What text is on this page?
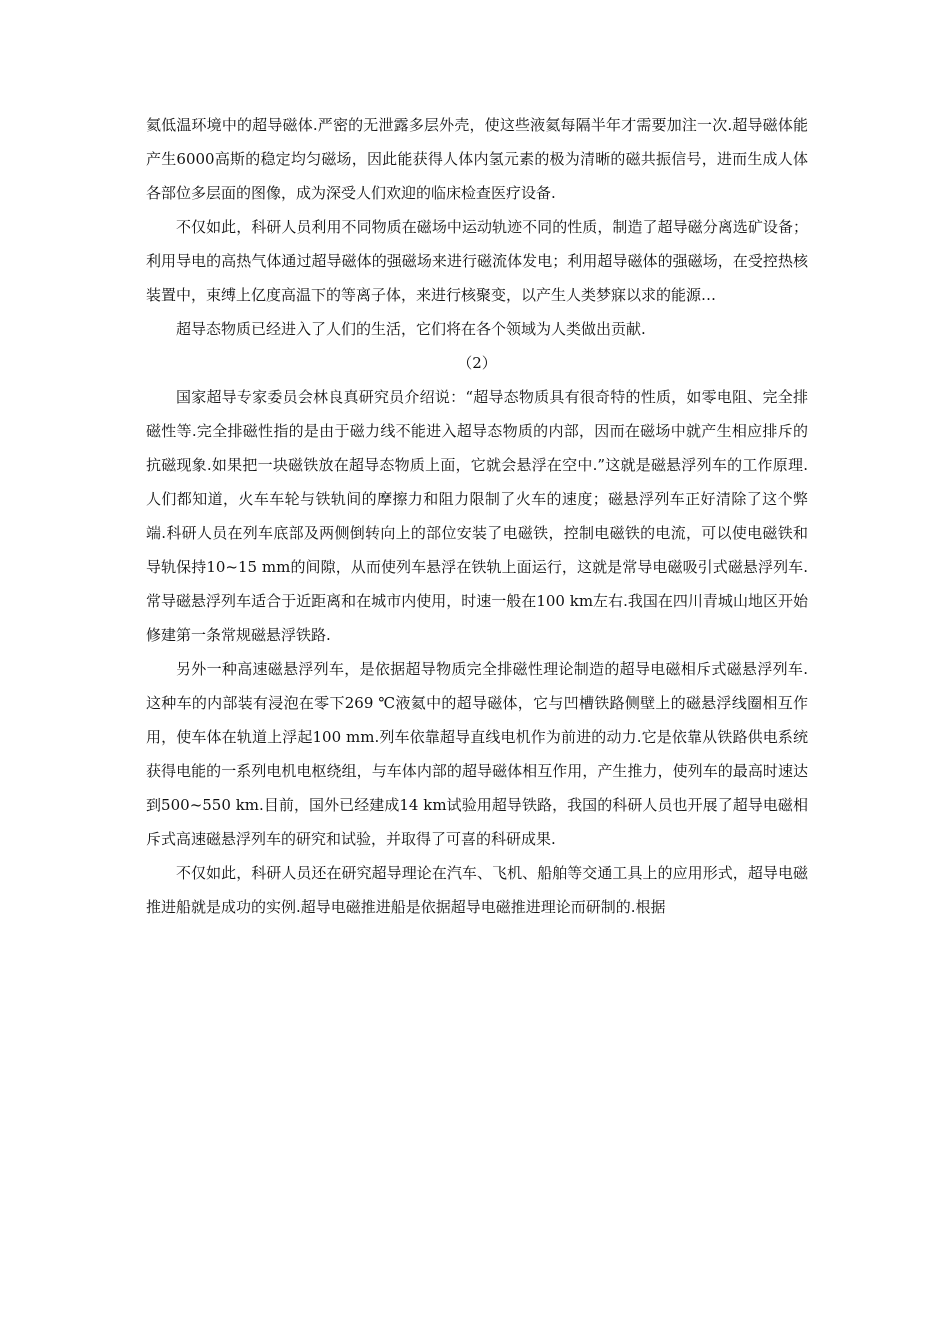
氦低温环境中的超导磁体.严密的无泄露多层外壳，使这些液氦每隔半年才需要加注一次.超导磁体能产生6000高斯的稳定均匀磁场，因此能获得人体内氢元素的极为清晰的磁共振信号，进而生成人体各部位多层面的图像，成为深受人们欢迎的临床检查医疗设备.

不仅如此，科研人员利用不同物质在磁场中运动轨迹不同的性质，制造了超导磁分离选矿设备；利用导电的高热气体通过超导磁体的强磁场来进行磁流体发电；利用超导磁体的强磁场，在受控热核装置中，束缚上亿度高温下的等离子体，来进行核聚变，以产生人类梦寐以求的能源…

超导态物质已经进入了人们的生活，它们将在各个领域为人类做出贡献.

（2）

国家超导专家委员会林良真研究员介绍说：“超导态物质具有很奇特的性质，如零电阻、完全排磁性等.完全排磁性指的是由于磁力线不能进入超导态物质的内部，因而在磁场中就产生相应排斥的抗磁现象.如果把一块磁铁放在超导态物质上面，它就会悬浮在空中.”这就是磁悬浮列车的工作原理.人们都知道，火车车轮与铁轨间的摩擦力和阻力限制了火车的速度；磁悬浮列车正好清除了这个弊端.科研人员在列车底部及两侧倒转向上的部位安装了电磁铁，控制电磁铁的电流，可以使电磁铁和导轨保持10~15 mm的间隙，从而使列车悬浮在铁轨上面运行，这就是常导电磁吸引式磁悬浮列车.常导磁悬浮列车适合于近距离和在城市内使用，时速一般在100 km左右.我国在四川青城山地区开始修建第一条常规磁悬浮铁路.

另外一种高速磁悬浮列车，是依据超导物质完全排磁性理论制造的超导电磁相斥式磁悬浮列车.这种车的内部装有浸泡在零下269 ℃液氦中的超导磁体，它与凹槽铁路侧壁上的磁悬浮线圈相互作用，使车体在轨道上浮起100 mm.列车依靠超导直线电机作为前进的动力.它是依靠从铁路供电系统获得电能的一系列电机电枢绕组，与车体内部的超导磁体相互作用，产生推力，使列车的最高时速达到500~550 km.目前，国外已经建成14 km试验用超导铁路，我国的科研人员也开展了超导电磁相斥式高速磁悬浮列车的研究和试验，并取得了可喜的科研成果.

不仅如此，科研人员还在研究超导理论在汽车、飞机、船舶等交通工具上的应用形式，超导电磁推进船就是成功的实例.超导电磁推进船是依据超导电磁推进理论而研制的.根据
